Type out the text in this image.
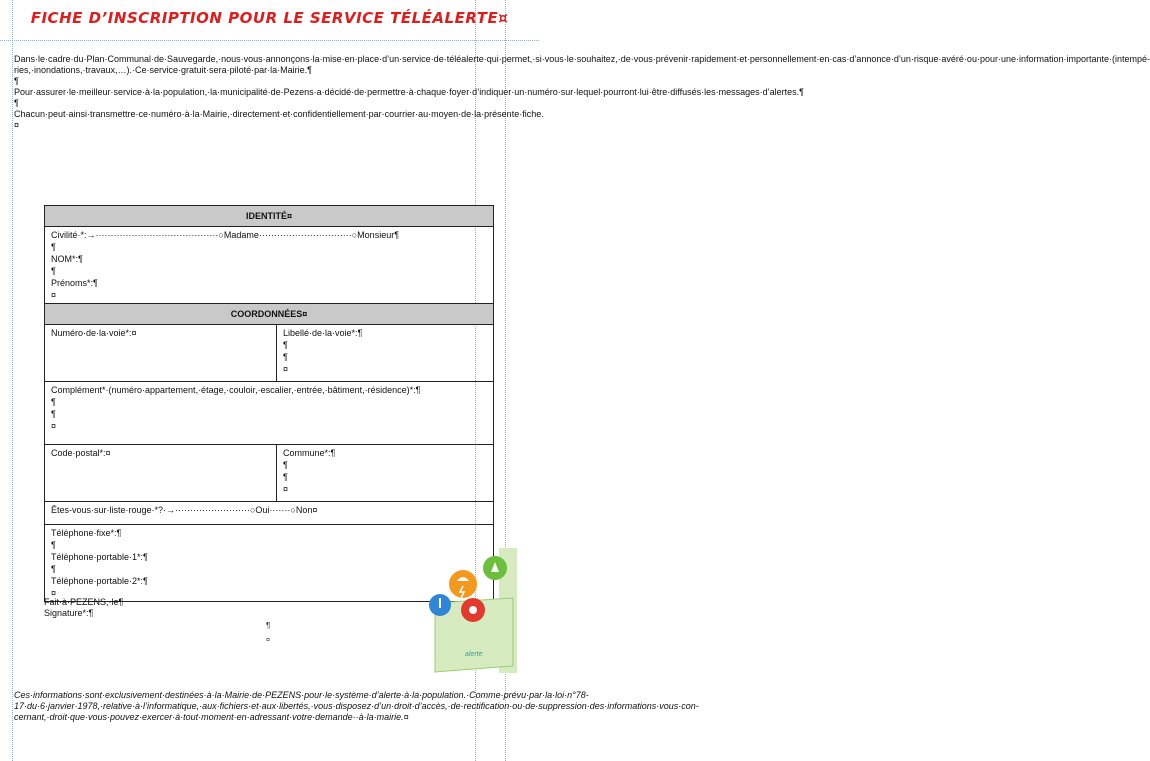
FICHE D’INSCRIPTION POUR LE SERVICE TÉLÉALERTE¤

Dans·le·cadre·du·Plan·Communal·de·Sauvegarde,·nous·vous·annonçons·la·mise·en·place·d’un·service·de·téléalerte·qui·permet,·si·vous·le·souhaitez,·de·vous·prévenir·rapidement·et·personnellement·en·cas·d’annonce·d’un·risque·avéré·ou·pour·une·information·importante·(intempé-ries,·inondations,·travaux,…).·Ce·service·gratuit·sera·piloté·par·la·Mairie.¶

¶

Pour·assurer·le·meilleur·service·à·la·population,·la·municipalité·de·Pezens·a·décidé·de·permettre·à·chaque·foyer·d’indiquer·un·numéro·sur·lequel·pourront·lui·être·diffusés·les·messages·d’alertes.¶

¶

Chacun·peut·ainsi·transmettre·ce·numéro·à·la·Mairie,·directement·et·confidentiellement·par·courrier·au·moyen·de·la·présente·fiche.¤

IDENTITÉ¤
Civilité·*:→·········································○Madame·······························○Monsieur¶
¶
NOM*:¶
¶
Prénoms*:¶
¤
COORDONNÉES¤
Numéro·de·la·voie*:¤	Libellé·de·la·voie*:¶
¶
¶
¤
Complément*·(numéro·appartement,·étage,·couloir,·escalier,·entrée,·bâtiment,·résidence)*:¶
¶
¶
¤
Code·postal*:¤	Commune*:¶
¶
¶
¤
Êtes-vous·sur·liste·rouge·*?·→·························○Oui·······○Non¤
Téléphone·fixe*:¶
¶
Téléphone·portable·1*:¶
¶
Téléphone·portable·2*:¶
¤
Fait·à·PEZENS,·le¶
Signature*:¶
¶
¤
alerte
Ces·informations·sont·exclusivement·destinées·à·la·Mairie·de·PEZENS·pour·le·système·d’alerte·à·la·population.·Comme·prévu·par·la·loi·n°78-17·du·6·janvier·1978,·relative·à·l’informatique,·aux·fichiers·et·aux·libertés,·vous·disposez·d’un·droit·d’accès,·de·rectification·ou·de·suppression·des·informations·vous·con-cernant,·droit·que·vous·pouvez·exercer·à·tout·moment·en·adressant·votre·demande··à·la·mairie.¤
